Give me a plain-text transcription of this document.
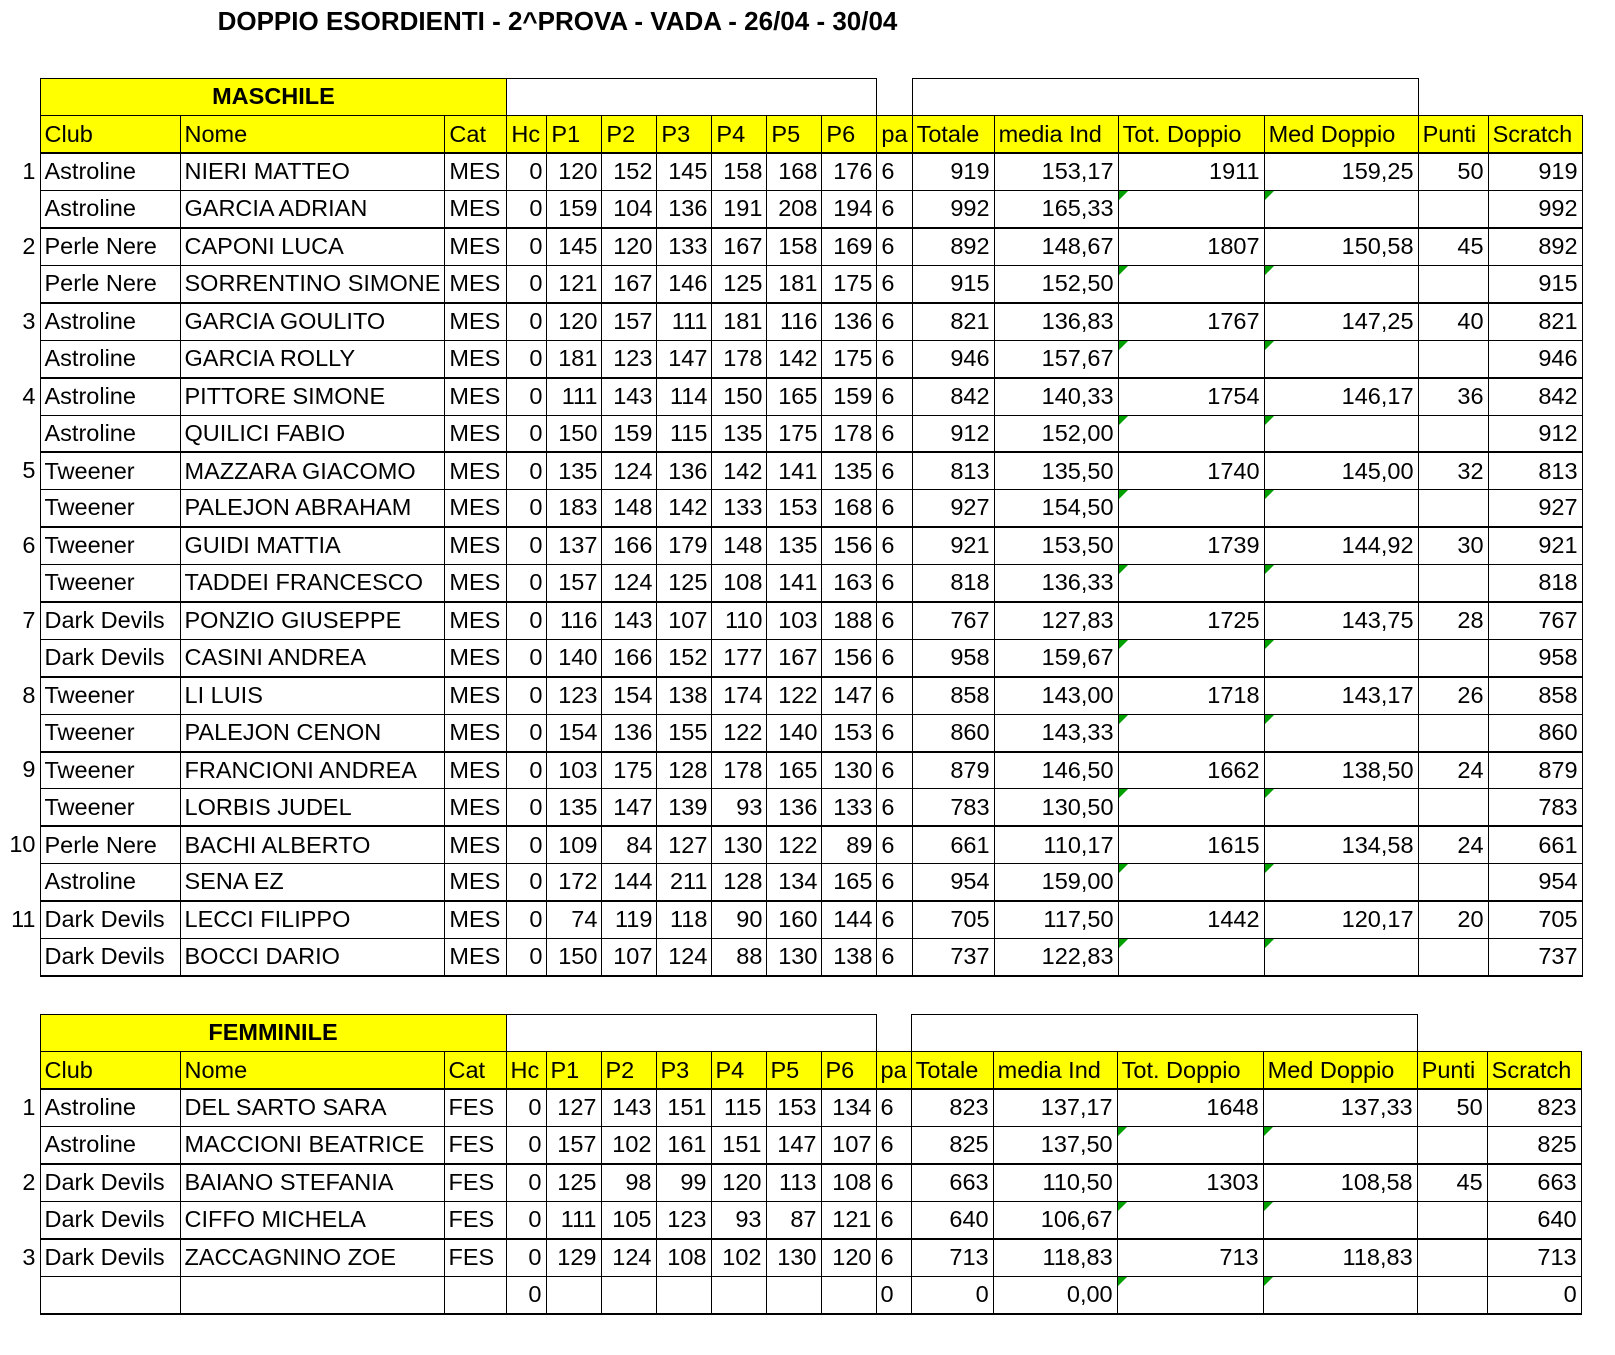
DOPPIO ESORDIENTI - 2^PROVA - VADA - 26/04 - 30/04
	MASCHILE																
	Club	Nome	Cat	Hc	P1	P2	P3	P4	P5	P6	pa	Totale	media Ind	Tot. Doppio	Med Doppio	Punti	Scratch
1	Astroline	NIERI MATTEO	MES	0	120	152	145	158	168	176	6	919	153,17	1911	159,25	50	919
	Astroline	GARCIA ADRIAN	MES	0	159	104	136	191	208	194	6	992	165,33				992
2	Perle Nere	CAPONI LUCA	MES	0	145	120	133	167	158	169	6	892	148,67	1807	150,58	45	892
	Perle Nere	SORRENTINO SIMONE	MES	0	121	167	146	125	181	175	6	915	152,50				915
3	Astroline	GARCIA GOULITO	MES	0	120	157	111	181	116	136	6	821	136,83	1767	147,25	40	821
	Astroline	GARCIA ROLLY	MES	0	181	123	147	178	142	175	6	946	157,67				946
4	Astroline	PITTORE SIMONE	MES	0	111	143	114	150	165	159	6	842	140,33	1754	146,17	36	842
	Astroline	QUILICI FABIO	MES	0	150	159	115	135	175	178	6	912	152,00				912
5	Tweener	MAZZARA GIACOMO	MES	0	135	124	136	142	141	135	6	813	135,50	1740	145,00	32	813
	Tweener	PALEJON ABRAHAM	MES	0	183	148	142	133	153	168	6	927	154,50				927
6	Tweener	GUIDI MATTIA	MES	0	137	166	179	148	135	156	6	921	153,50	1739	144,92	30	921
	Tweener	TADDEI FRANCESCO	MES	0	157	124	125	108	141	163	6	818	136,33				818
7	Dark Devils	PONZIO GIUSEPPE	MES	0	116	143	107	110	103	188	6	767	127,83	1725	143,75	28	767
	Dark Devils	CASINI ANDREA	MES	0	140	166	152	177	167	156	6	958	159,67				958
8	Tweener	LI LUIS	MES	0	123	154	138	174	122	147	6	858	143,00	1718	143,17	26	858
	Tweener	PALEJON CENON	MES	0	154	136	155	122	140	153	6	860	143,33				860
9	Tweener	FRANCIONI ANDREA	MES	0	103	175	128	178	165	130	6	879	146,50	1662	138,50	24	879
	Tweener	LORBIS JUDEL	MES	0	135	147	139	93	136	133	6	783	130,50				783
10	Perle Nere	BACHI ALBERTO	MES	0	109	84	127	130	122	89	6	661	110,17	1615	134,58	24	661
	Astroline	SENA EZ	MES	0	172	144	211	128	134	165	6	954	159,00				954
11	Dark Devils	LECCI FILIPPO	MES	0	74	119	118	90	160	144	6	705	117,50	1442	120,17	20	705
	Dark Devils	BOCCI DARIO	MES	0	150	107	124	88	130	138	6	737	122,83				737
	FEMMINILE																
	Club	Nome	Cat	Hc	P1	P2	P3	P4	P5	P6	pa	Totale	media Ind	Tot. Doppio	Med Doppio	Punti	Scratch
1	Astroline	DEL SARTO SARA	FES	0	127	143	151	115	153	134	6	823	137,17	1648	137,33	50	823
	Astroline	MACCIONI BEATRICE	FES	0	157	102	161	151	147	107	6	825	137,50				825
2	Dark Devils	BAIANO STEFANIA	FES	0	125	98	99	120	113	108	6	663	110,50	1303	108,58	45	663
	Dark Devils	CIFFO MICHELA	FES	0	111	105	123	93	87	121	6	640	106,67				640
3	Dark Devils	ZACCAGNINO ZOE	FES	0	129	124	108	102	130	120	6	713	118,83	713	118,83		713
				0							0	0	0,00				0
